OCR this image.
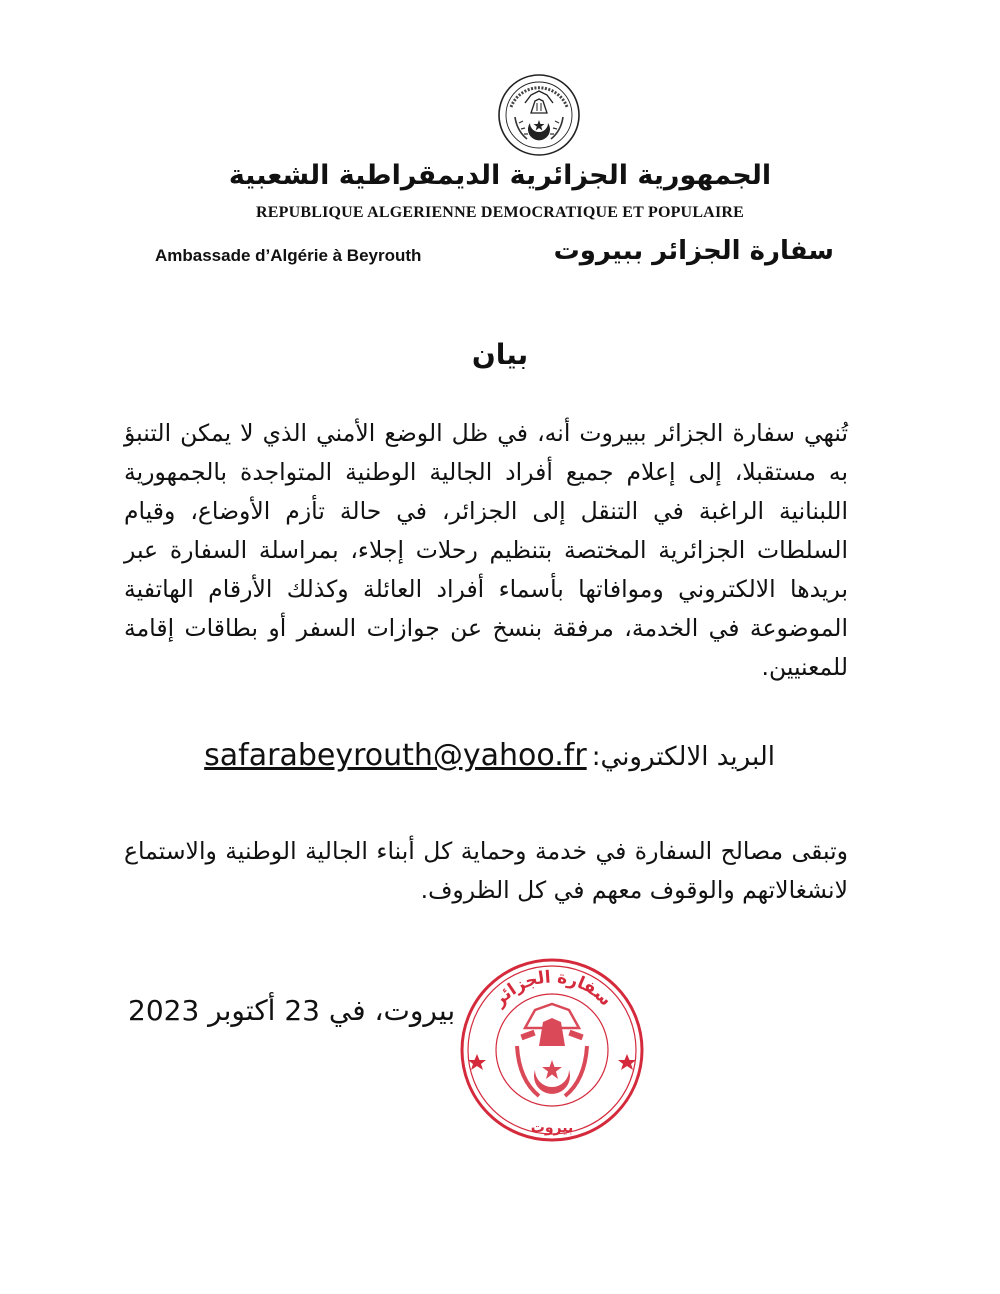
الجمهورية الجزائرية الديمقراطية الشعبية
REPUBLIQUE ALGERIENNE DEMOCRATIQUE ET POPULAIRE
Ambassade d’Algérie à Beyrouth	سفارة الجزائر ببيروت
بيان
تُنهي سفارة الجزائر ببيروت أنه، في ظل الوضع الأمني الذي لا يمكن التنبؤ به مستقبلا، إلى إعلام جميع أفراد الجالية الوطنية المتواجدة بالجمهورية اللبنانية الراغبة في التنقل إلى الجزائر، في حالة تأزم الأوضاع، وقيام السلطات الجزائرية المختصة بتنظيم رحلات إجلاء، بمراسلة السفارة عبر بريدها الالكتروني وموافاتها بأسماء أفراد العائلة وكذلك الأرقام الهاتفية الموضوعة في الخدمة، مرفقة بنسخ عن جوازات السفر أو بطاقات إقامة للمعنيين.
البريد الالكتروني: safarabeyrouth@yahoo.fr
وتبقى مصالح السفارة في خدمة وحماية كل أبناء الجالية الوطنية والاستماع لانشغالاتهم والوقوف معهم في كل الظروف.
بيروت، في 23 أكتوبر 2023 سفارة الجزائر
بيروت
